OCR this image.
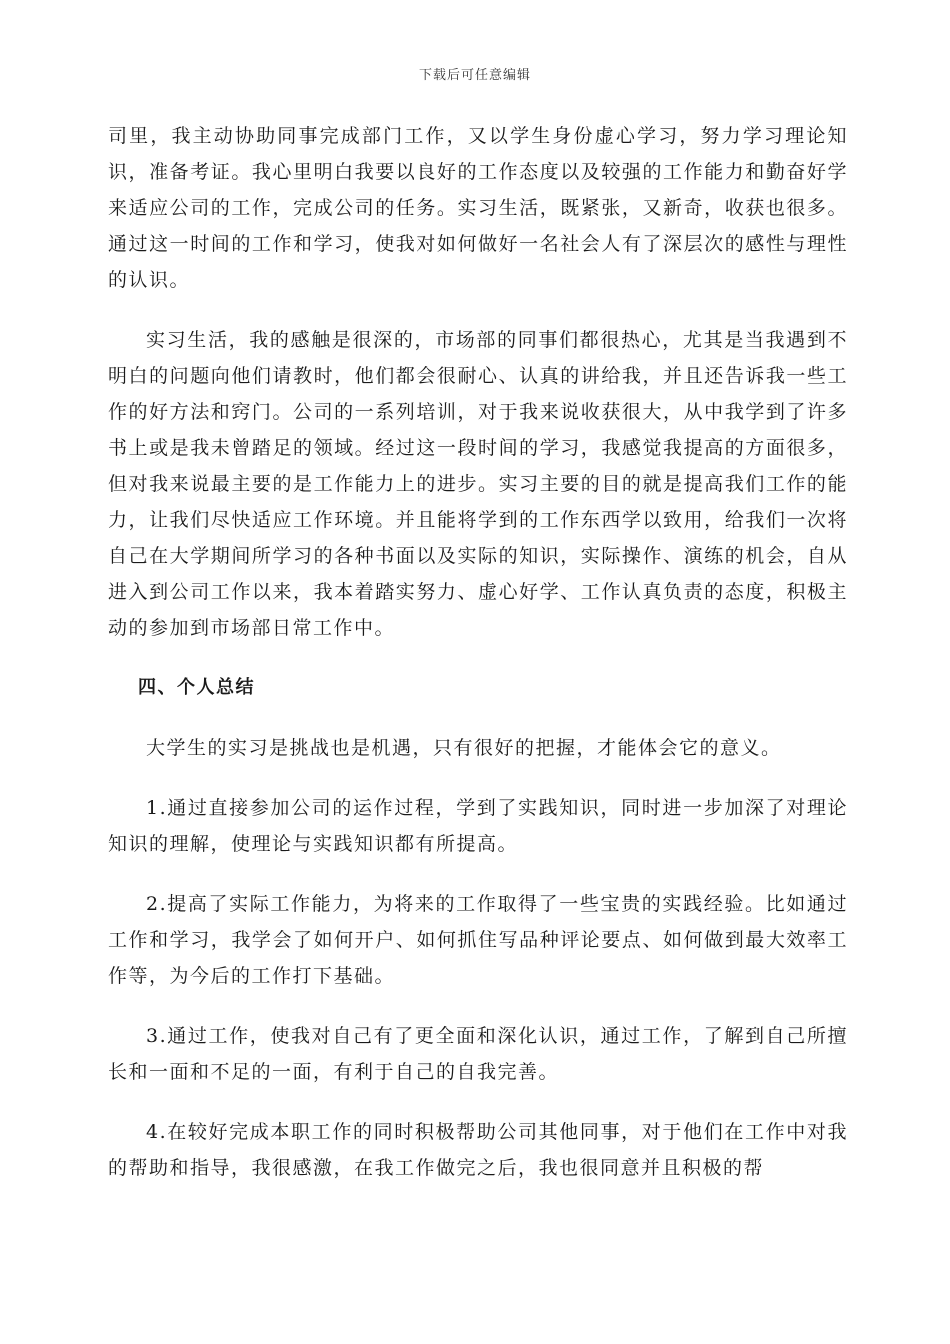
下载后可任意编辑

司里，我主动协助同事完成部门工作，又以学生身份虚心学习，努力学习理论知识，准备考证。我心里明白我要以良好的工作态度以及较强的工作能力和勤奋好学来适应公司的工作，完成公司的任务。实习生活，既紧张，又新奇，收获也很多。通过这一时间的工作和学习，使我对如何做好一名社会人有了深层次的感性与理性的认识。

实习生活，我的感触是很深的，市场部的同事们都很热心，尤其是当我遇到不明白的问题向他们请教时，他们都会很耐心、认真的讲给我，并且还告诉我一些工作的好方法和窍门。公司的一系列培训，对于我来说收获很大，从中我学到了许多书上或是我未曾踏足的领域。经过这一段时间的学习，我感觉我提高的方面很多，但对我来说最主要的是工作能力上的进步。实习主要的目的就是提高我们工作的能力，让我们尽快适应工作环境。并且能将学到的工作东西学以致用，给我们一次将自己在大学期间所学习的各种书面以及实际的知识，实际操作、演练的机会，自从进入到公司工作以来，我本着踏实努力、虚心好学、工作认真负责的态度，积极主动的参加到市场部日常工作中。

四、个人总结

大学生的实习是挑战也是机遇，只有很好的把握，才能体会它的意义。

1.通过直接参加公司的运作过程，学到了实践知识，同时进一步加深了对理论知识的理解，使理论与实践知识都有所提高。

2.提高了实际工作能力，为将来的工作取得了一些宝贵的实践经验。比如通过工作和学习，我学会了如何开户、如何抓住写品种评论要点、如何做到最大效率工作等，为今后的工作打下基础。

3.通过工作，使我对自己有了更全面和深化认识，通过工作，了解到自己所擅长和一面和不足的一面，有利于自己的自我完善。

4.在较好完成本职工作的同时积极帮助公司其他同事，对于他们在工作中对我的帮助和指导，我很感激，在我工作做完之后，我也很同意并且积极的帮
